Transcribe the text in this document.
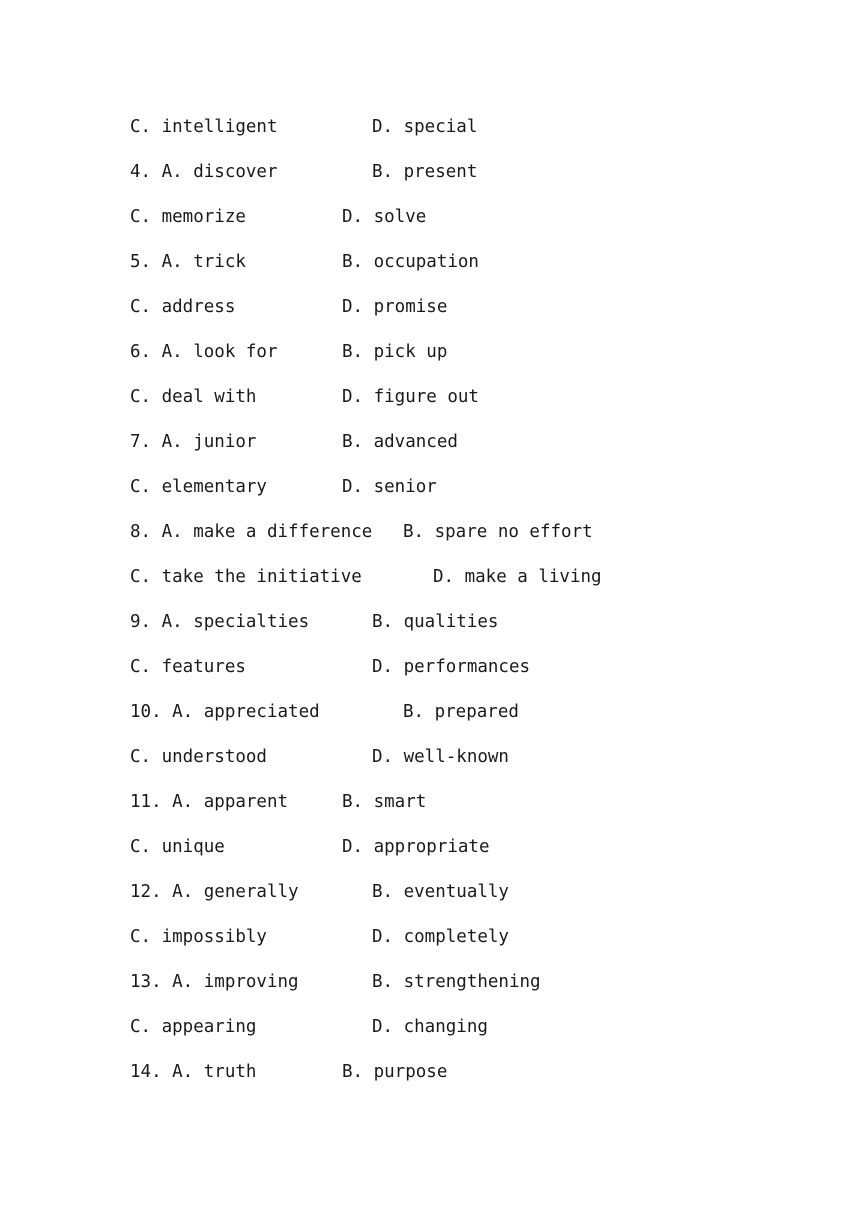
C. intelligent	D. special
4. A. discover	B. present
C. memorize	D. solve
5. A. trick	B. occupation
C. address	D. promise
6. A. look for	B. pick up
C. deal with	D. figure out
7. A. junior	B. advanced
C. elementary	D. senior
8. A. make a difference B. spare no effort
C. take the initiative	D. make a living
9. A. specialties	B. qualities
C. features	D. performances
10. A. appreciated	B. prepared
C. understood	D. well-known
11. A. apparent	B. smart
C. unique	D. appropriate
12. A. generally	B. eventually
C. impossibly	D. completely
13. A. improving	B. strengthening
C. appearing	D. changing
14. A. truth	B. purpose
